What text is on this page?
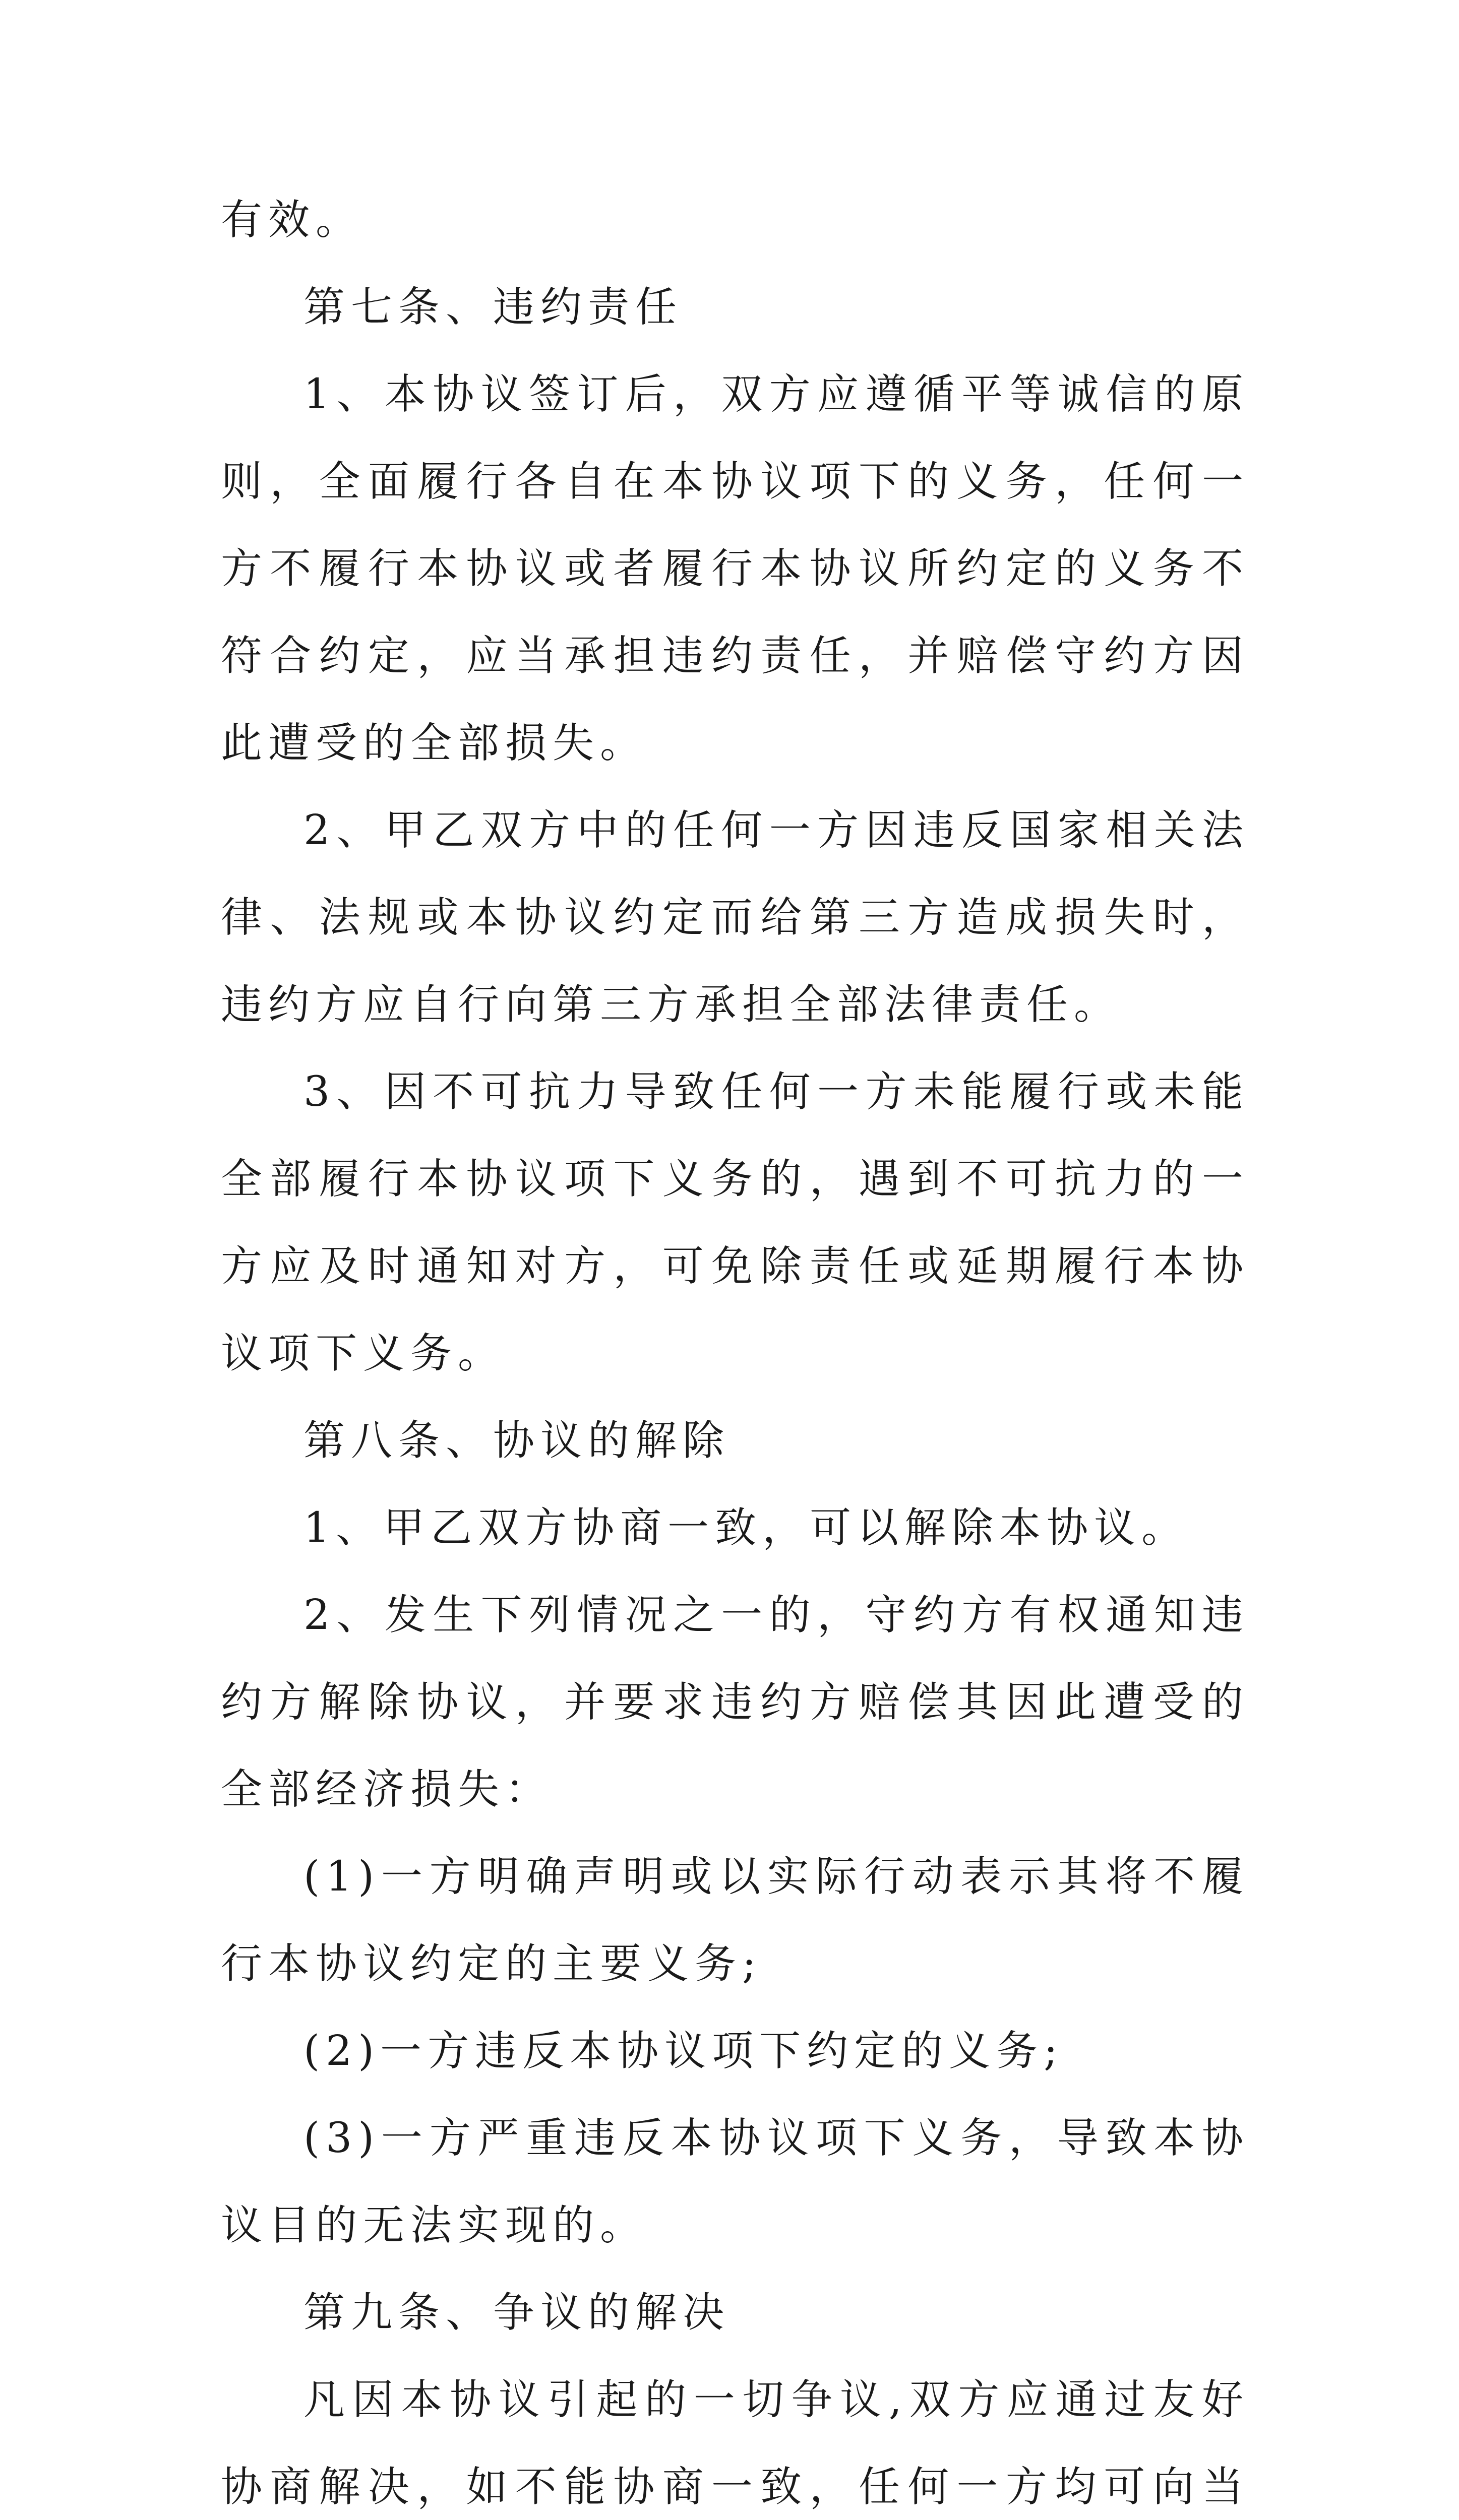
有效。

第七条、违约责任

1、本协议签订后，双方应遵循平等诚信的原则，全面履行各自在本协议项下的义务，任何一方不履行本协议或者履行本协议所约定的义务不符合约定，应当承担违约责任，并赔偿守约方因此遭受的全部损失。

2、甲乙双方中的任何一方因违反国家相关法律、法规或本协议约定而给第三方造成损失时，违约方应自行向第三方承担全部法律责任。

3、因不可抗力导致任何一方未能履行或未能全部履行本协议项下义务的，遇到不可抗力的一方应及时通知对方，可免除责任或延期履行本协议项下义务。

第八条、协议的解除

1、甲乙双方协商一致，可以解除本协议。

2、发生下列情况之一的，守约方有权通知违约方解除协议，并要求违约方赔偿其因此遭受的全部经济损失：

(1)一方明确声明或以实际行动表示其将不履行本协议约定的主要义务;

(2)一方违反本协议项下约定的义务;

(3)一方严重违反本协议项下义务，导致本协议目的无法实现的。

第九条、争议的解决

凡因本协议引起的一切争议,双方应通过友好协商解决，如不能协商一致，任何一方均可向当
